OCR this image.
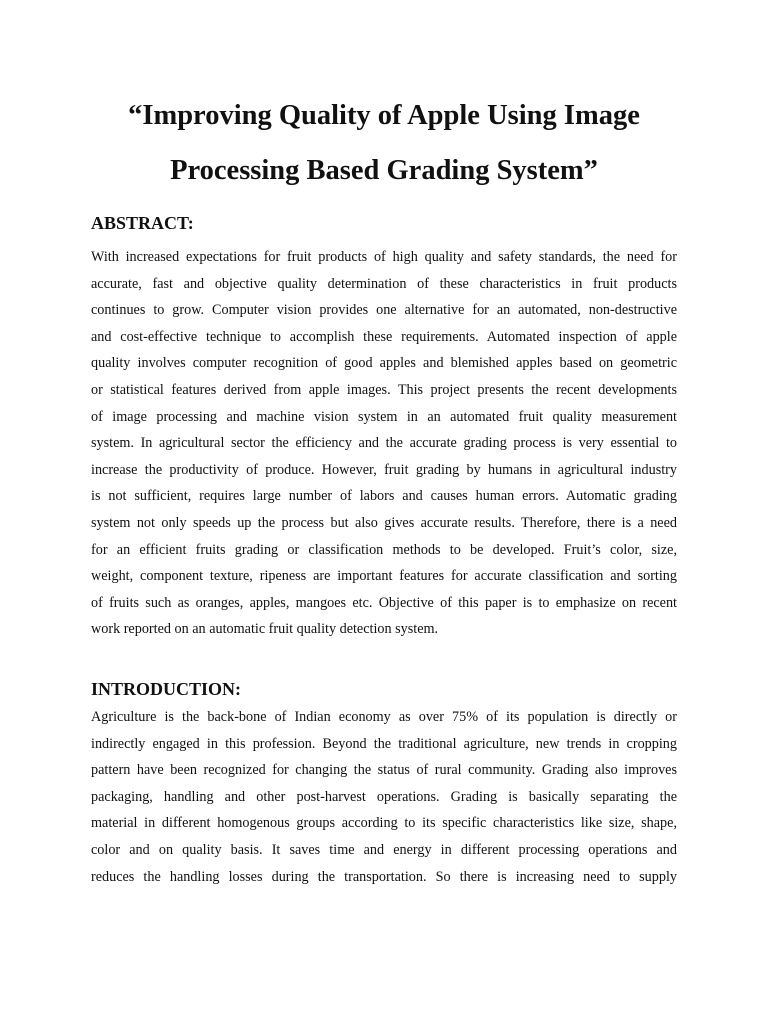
“Improving Quality of Apple Using Image
Processing Based Grading System”
ABSTRACT:
With increased expectations for fruit products of high quality and safety standards, the need for
accurate, fast and objective quality determination of these characteristics in fruit products
continues to grow. Computer vision provides one alternative for an automated, non-destructive
and cost-effective technique to accomplish these requirements. Automated inspection of apple
quality involves computer recognition of good apples and blemished apples based on geometric
or statistical features derived from apple images. This project presents the recent developments
of image processing and machine vision system in an automated fruit quality measurement
system. In agricultural sector the efficiency and the accurate grading process is very essential to
increase the productivity of produce. However, fruit grading by humans in agricultural industry
is not sufficient, requires large number of labors and causes human errors. Automatic grading
system not only speeds up the process but also gives accurate results. Therefore, there is a need
for an efficient fruits grading or classification methods to be developed. Fruit’s color, size,
weight, component texture, ripeness are important features for accurate classification and sorting
of fruits such as oranges, apples, mangoes etc. Objective of this paper is to emphasize on recent
work reported on an automatic fruit quality detection system.
INTRODUCTION:
Agriculture is the back-bone of Indian economy as over 75% of its population is directly or
indirectly engaged in this profession. Beyond the traditional agriculture, new trends in cropping
pattern have been recognized for changing the status of rural community. Grading also improves
packaging, handling and other post-harvest operations. Grading is basically separating the
material in different homogenous groups according to its specific characteristics like size, shape,
color and on quality basis. It saves time and energy in different processing operations and
reduces the handling losses during the transportation. So there is increasing need to supply
